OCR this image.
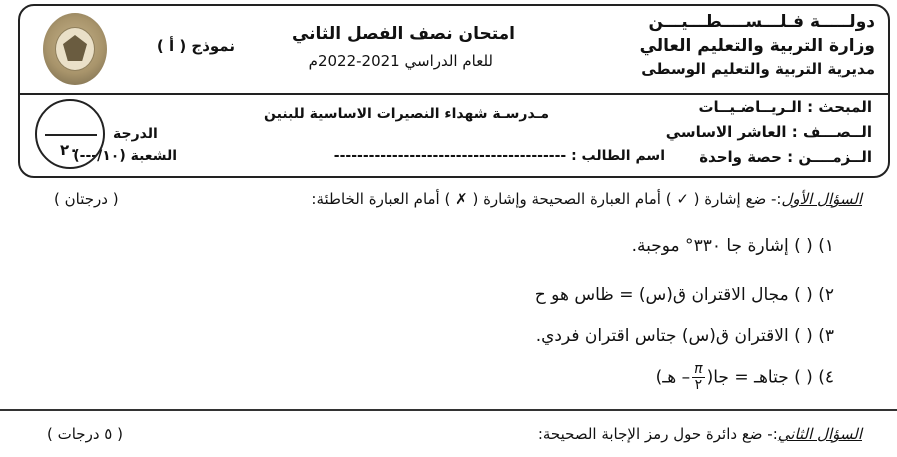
دولـــــة فـلـــســــطـــيـــن
وزارة التربية والتعليم العالي
مديرية التربية والتعليم الوسطى
امتحان نصف الفصل الثاني
للعام الدراسي 2021-2022م
نموذج ( أ )
المبحث : الـريــاضـيــات
الــصـــف : العاشر الاساسي
الــزمــــن : حصة واحدة
مـدرسـة شهداء النصيرات الاساسية للبنين
اسم الطالب : ----------------------------------------
الشعبة (١٠/---)
الدرجة
٢٠
السؤال الأول:- ضع إشارة ( ✓ ) أمام العبارة الصحيحة وإشارة ( ✗ ) أمام العبارة الخاطئة:
( درجتان )
١) ( ) إشارة جا ٣٣٠° موجبة.
٢) ( ) مجال الاقتران ق(س) = ظاس هو ح
٣) ( ) الاقتران ق(س) جتاس اقتران فردي.
٤) ( ) جتاهـ = جا(
$\frac{\pi}{٢}$
– هـ)
السؤال الثاني:- ضع دائرة حول رمز الإجابة الصحيحة:
( ٥ درجات )
